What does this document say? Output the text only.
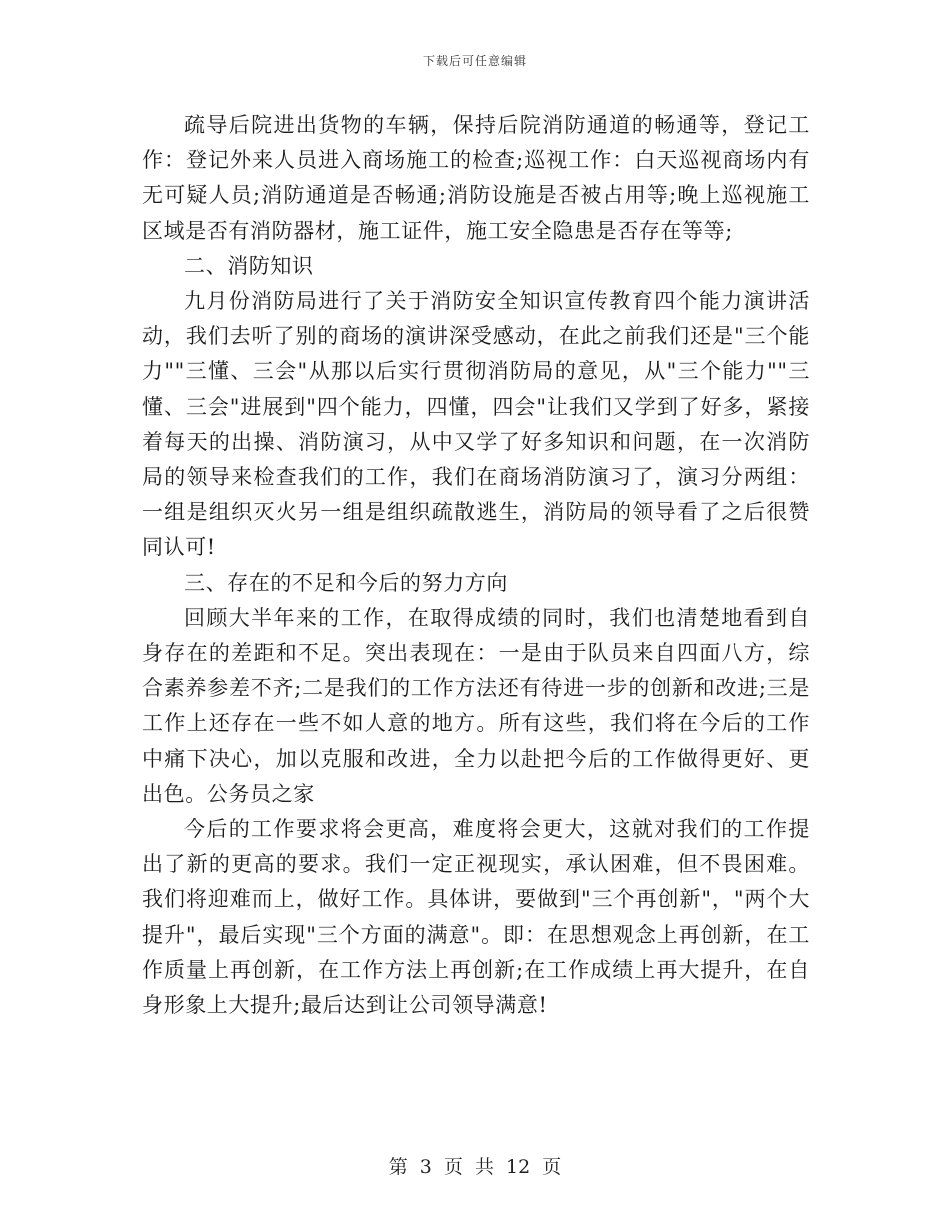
下载后可任意编辑

疏导后院进出货物的车辆，保持后院消防通道的畅通等，登记工作：登记外来人员进入商场施工的检查;巡视工作：白天巡视商场内有无可疑人员;消防通道是否畅通;消防设施是否被占用等;晚上巡视施工区域是否有消防器材，施工证件，施工安全隐患是否存在等等;

二、消防知识

九月份消防局进行了关于消防安全知识宣传教育四个能力演讲活动，我们去听了别的商场的演讲深受感动，在此之前我们还是"三个能力""三懂、三会"从那以后实行贯彻消防局的意见，从"三个能力""三懂、三会"进展到"四个能力，四懂，四会"让我们又学到了好多，紧接着每天的出操、消防演习，从中又学了好多知识和问题，在一次消防局的领导来检查我们的工作，我们在商场消防演习了，演习分两组：一组是组织灭火另一组是组织疏散逃生，消防局的领导看了之后很赞同认可!

三、存在的不足和今后的努力方向

回顾大半年来的工作，在取得成绩的同时，我们也清楚地看到自身存在的差距和不足。突出表现在：一是由于队员来自四面八方，综合素养参差不齐;二是我们的工作方法还有待进一步的创新和改进;三是工作上还存在一些不如人意的地方。所有这些，我们将在今后的工作中痛下决心，加以克服和改进，全力以赴把今后的工作做得更好、更出色。公务员之家

今后的工作要求将会更高，难度将会更大，这就对我们的工作提出了新的更高的要求。我们一定正视现实，承认困难，但不畏困难。我们将迎难而上，做好工作。具体讲，要做到"三个再创新"，"两个大提升"，最后实现"三个方面的满意"。即：在思想观念上再创新，在工作质量上再创新，在工作方法上再创新;在工作成绩上再大提升，在自身形象上大提升;最后达到让公司领导满意!

第 3 页 共 12 页
